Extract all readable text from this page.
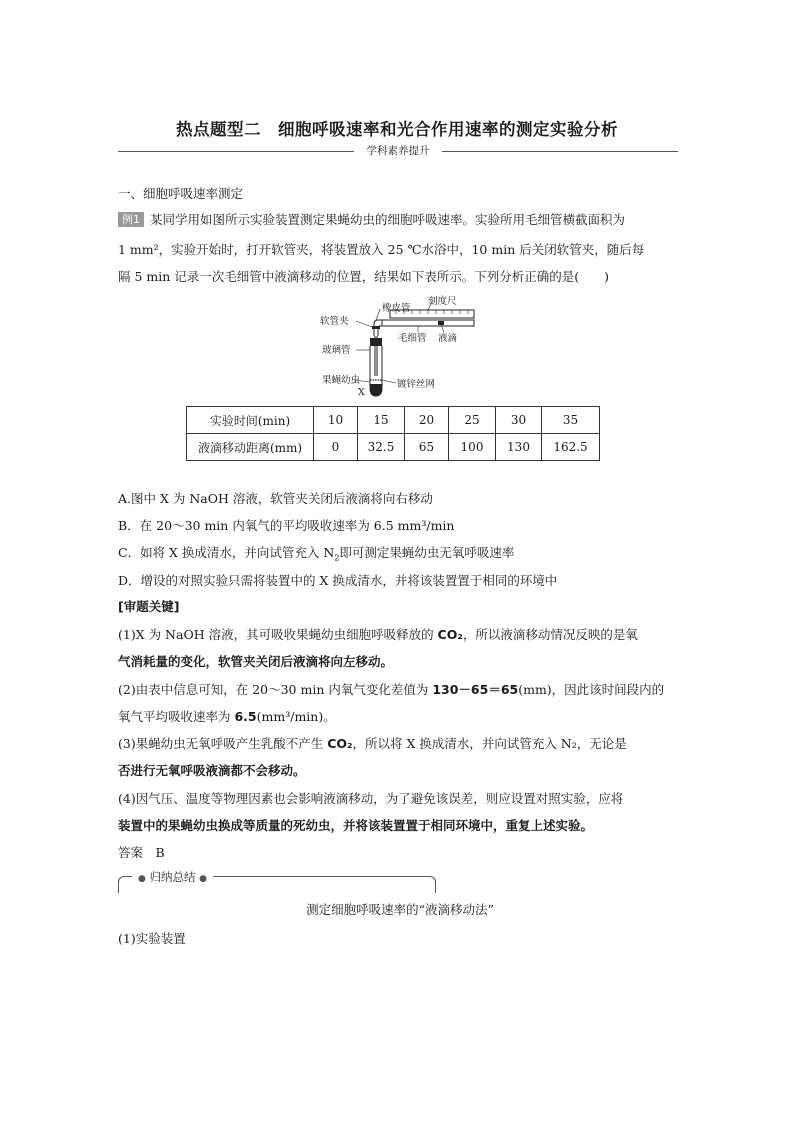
热点题型二　细胞呼吸速率和光合作用速率的测定实验分析
学科素养提升
一、细胞呼吸速率测定
例1 某同学用如图所示实验装置测定果蝇幼虫的细胞呼吸速率。实验所用毛细管横截面积为
1 mm²，实验开始时，打开软管夹，将装置放入 25 ℃水浴中，10 min 后关闭软管夹，随后每
隔 5 min 记录一次毛细管中液滴移动的位置，结果如下表所示。下列分析正确的是(　　)
橡皮管
刻度尺
软管夹
毛细管 液滴
玻璃管
果蝇幼虫
X
镀锌丝网
实验时间(min)	10	15	20	25	30	35
液滴移动距离(mm)	0	32.5	65	100	130	162.5
A.图中 X 为 NaOH 溶液，软管夹关闭后液滴将向右移动
B．在 20～30 min 内氧气的平均吸收速率为 6.5 mm³/min
C．如将 X 换成清水，并向试管充入 $N_2$即可测定果蝇幼虫无氧呼吸速率
D．增设的对照实验只需将装置中的 X 换成清水，并将该装置置于相同的环境中
[审题关键]
(1)X 为 NaOH 溶液，其可吸收果蝇幼虫细胞呼吸释放的 CO₂，所以液滴移动情况反映的是氧
气消耗量的变化，软管夹关闭后液滴将向左移动。
(2)由表中信息可知，在 20～30 min 内氧气变化差值为 130－65＝65(mm)，因此该时间段内的
氧气平均吸收速率为 6.5(mm³/min)。
(3)果蝇幼虫无氧呼吸产生乳酸不产生 CO₂，所以将 X 换成清水，并向试管充入 N₂，无论是
否进行无氧呼吸液滴都不会移动。
(4)因气压、温度等物理因素也会影响液滴移动，为了避免该误差，则应设置对照实验，应将
装置中的果蝇幼虫换成等质量的死幼虫，并将该装置置于相同环境中，重复上述实验。
答案　B
● 归纳总结 ●
测定细胞呼吸速率的“液滴移动法”
(1)实验装置
